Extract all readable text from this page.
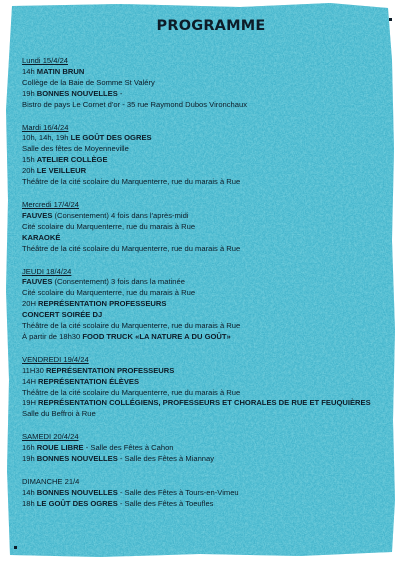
PROGRAMME
Lundi 15/4/24
14h MATIN BRUN
Collège de la Baie de Somme St Valéry
19h BONNES NOUVELLES -
Bistro de pays Le Cornet d'or - 35 rue Raymond Dubos Vironchaux
Mardi 16/4/24
10h, 14h, 19h LE GOÛT DES OGRES
Salle des fêtes de Moyenneville
15h ATELIER COLLÈGE
20h LE VEILLEUR
Théâtre de la cité scolaire du Marquenterre, rue du marais à Rue
Mercredi 17/4/24
FAUVES (Consentement) 4 fois dans l'après-midi
Cité scolaire du Marquenterre, rue du marais à Rue
KARAOKÉ
Théâtre de la cité scolaire du Marquenterre, rue du marais à Rue
JEUDI 18/4/24
FAUVES (Consentement) 3 fois dans la matinée
Cité scolaire du Marquenterre, rue du marais à Rue
20H REPRÉSENTATION PROFESSEURS
CONCERT SOIRÉE DJ
Théâtre de la cité scolaire du Marquenterre, rue du marais à Rue
À partir de 18h30 FOOD TRUCK «LA NATURE A DU GOÛT»
VENDREDI 19/4/24
11H30 REPRÉSENTATION PROFESSEURS
14H REPRÉSENTATION ÉLÈVES
Théâtre de la cité scolaire du Marquenterre, rue du marais à Rue
19H REPRÉSENTATION COLLÉGIENS, PROFESSEURS ET CHORALES DE RUE ET FEUQUIÈRES
Salle du Beffroi à Rue
SAMEDI 20/4/24
16h ROUE LIBRE - Salle des Fêtes à Cahon
19h BONNES NOUVELLES - Salle des Fêtes à Miannay
DIMANCHE 21/4
14h BONNES NOUVELLES - Salle des Fêtes à Tours-en-Vimeu
18h LE GOÛT DES OGRES - Salle des Fêtes à Toeufles
